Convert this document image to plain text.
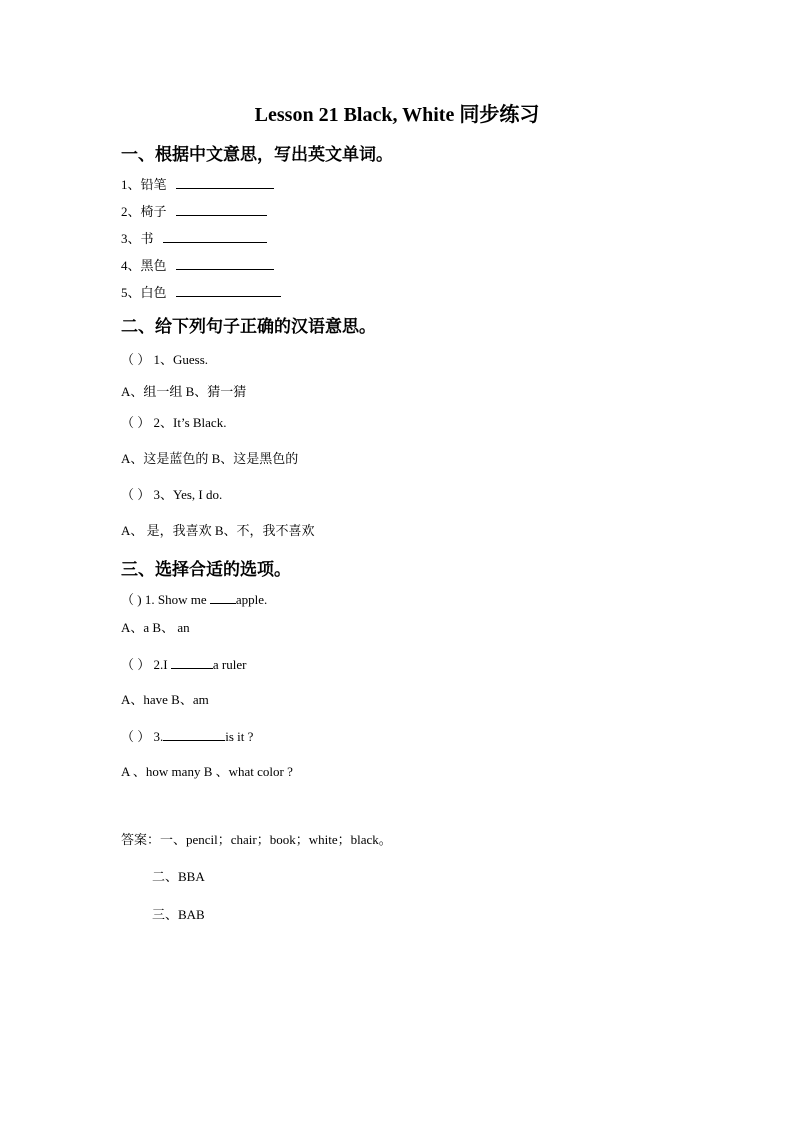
Lesson 21 Black, White 同步练习
一、根据中文意思，写出英文单词。
1、铅笔
2、椅子
3、书
4、黑色
5、白色
二、给下列句子正确的汉语意思。
（ ） 1、Guess.
A、组一组 B、猜一猜
（ ） 2、It’s Black.
A、这是蓝色的 B、这是黑色的
（ ） 3、Yes, I do.
A、 是，我喜欢 B、不，我不喜欢
三、选择合适的选项。
（ ) 1. Show me apple.
A、a B、 an
（ ） 2.I	a ruler
A、have B、am
（ ） 3.	is it ?
A 、how many B 、what color ?
答案：一、pencil；chair；book；white；black。
二、BBA
三、BAB
